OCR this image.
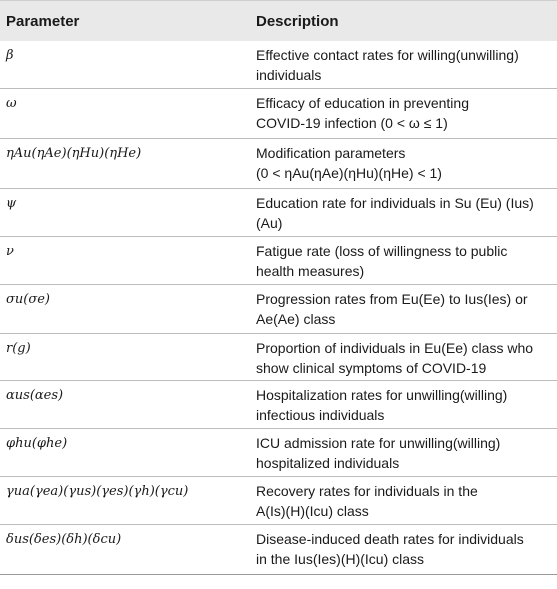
Parameter	Description
β	Effective contact rates for willing(unwilling)
individuals
ω	Efficacy of education in preventing
COVID-19 infection (0 < ω ≤ 1)
ηAu(ηAe)(ηHu)(ηHe)	Modification parameters
(0 < ηAu(ηAe)(ηHu)(ηHe) < 1)
ψ	Education rate for individuals in Su (Eu) (Ius)
(Au)
ν	Fatigue rate (loss of willingness to public
health measures)
σu(σe)	Progression rates from Eu(Ee) to Ius(Ies) or
Ae(Ae) class
r(g)	Proportion of individuals in Eu(Ee) class who
show clinical symptoms of COVID-19
αus(αes)	Hospitalization rates for unwilling(willing)
infectious individuals
φhu(φhe)	ICU admission rate for unwilling(willing)
hospitalized individuals
γua(γea)(γus)(γes)(γh)(γcu)	Recovery rates for individuals in the
A(Is)(H)(Icu) class
δus(δes)(δh)(δcu)	Disease-induced death rates for individuals
in the Ius(Ies)(H)(Icu) class
